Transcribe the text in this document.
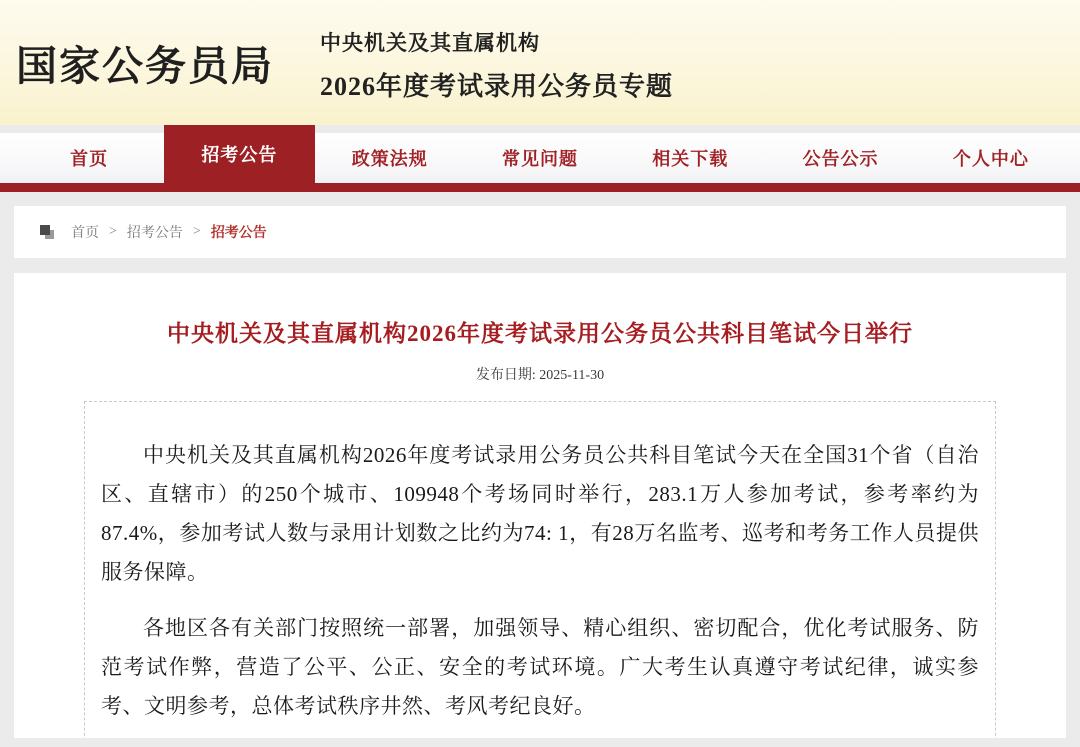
国家公务员局
中央机关及其直属机构
2026年度考试录用公务员专题
首页	招考公告	政策法规	常见问题	相关下载	公告公示	个人中心
首页 > 招考公告 > 招考公告
中央机关及其直属机构2026年度考试录用公务员公共科目笔试今日举行
发布日期: 2025-11-30

中央机关及其直属机构2026年度考试录用公务员公共科目笔试今天在全国31个省（自治区、直辖市）的250个城市、109948个考场同时举行，283.1万人参加考试，参考率约为87.4%，参加考试人数与录用计划数之比约为74: 1，有28万名监考、巡考和考务工作人员提供服务保障。

各地区各有关部门按照统一部署，加强领导、精心组织、密切配合，优化考试服务、防范考试作弊，营造了公平、公正、安全的考试环境。广大考生认真遵守考试纪律，诚实参考、文明参考，总体考试秩序井然、考风考纪良好。
